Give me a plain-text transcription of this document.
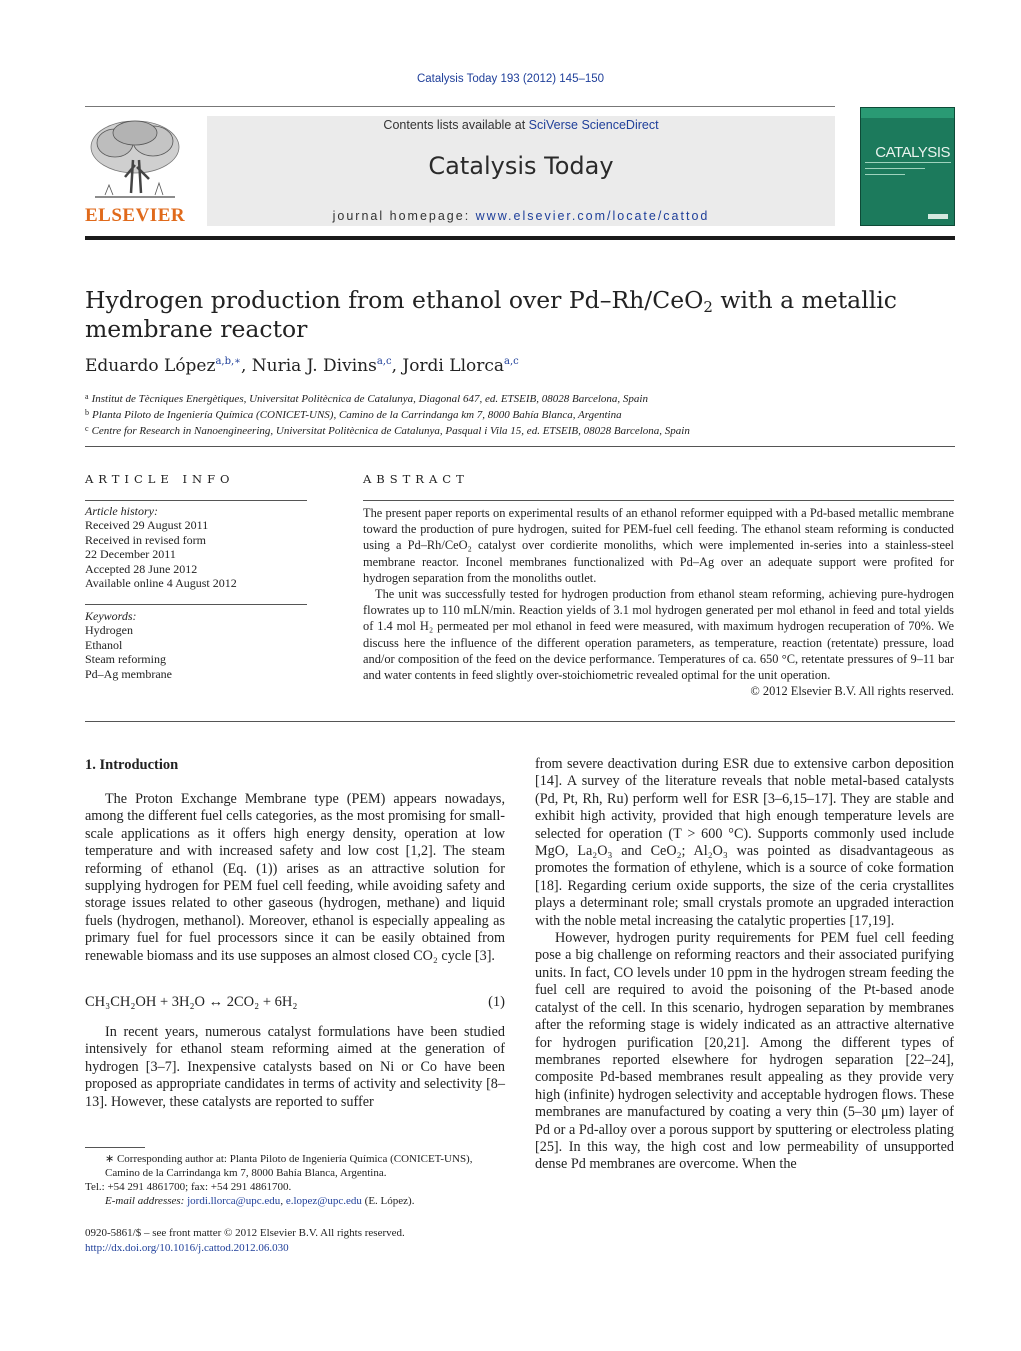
Catalysis Today 193 (2012) 145–150
ELSEVIER
Contents lists available at SciVerse ScienceDirect
Catalysis Today
journal homepage: www.elsevier.com/locate/cattod
CATALYSIS
Hydrogen production from ethanol over Pd–Rh/CeO$_2$ with a metallic membrane reactor
Eduardo López$^{a,b,∗}$, Nuria J. Divins$^{a,c}$, Jordi Llorca$^{a,c}$
$^a$ Institut de Tècniques Energètiques, Universitat Politècnica de Catalunya, Diagonal 647, ed. ETSEIB, 08028 Barcelona, Spain
$^b$ Planta Piloto de Ingeniería Química (CONICET-UNS), Camino de la Carrindanga km 7, 8000 Bahía Blanca, Argentina
$^c$ Centre for Research in Nanoengineering, Universitat Politècnica de Catalunya, Pasqual i Vila 15, ed. ETSEIB, 08028 Barcelona, Spain
ARTICLE INFO
Article history:
Received 29 August 2011
Received in revised form
22 December 2011
Accepted 28 June 2012
Available online 4 August 2012
Keywords:
Hydrogen
Ethanol
Steam reforming
Pd–Ag membrane
ABSTRACT

The present paper reports on experimental results of an ethanol reformer equipped with a Pd-based metallic membrane toward the production of pure hydrogen, suited for PEM-fuel cell feeding. The ethanol steam reforming is conducted using a Pd–Rh/CeO₂ catalyst over cordierite monoliths, which were implemented in-series into a stainless-steel membrane reactor. Inconel membranes functionalized with Pd–Ag over an adequate support were profited for hydrogen separation from the monoliths outlet.

The unit was successfully tested for hydrogen production from ethanol steam reforming, achieving pure-hydrogen flowrates up to 110 mLN/min. Reaction yields of 3.1 mol hydrogen generated per mol ethanol in feed and total yields of 1.4 mol H₂ permeated per mol ethanol in feed were measured, with maximum hydrogen recuperation of 70%. We discuss here the influence of the different operation parameters, as temperature, reaction (retentate) pressure, load and/or composition of the feed on the device performance. Temperatures of ca. 650 °C, retentate pressures of 9–11 bar and water contents in feed slightly over-stoichiometric revealed optimal for the unit operation.

© 2012 Elsevier B.V. All rights reserved.
1. Introduction

The Proton Exchange Membrane type (PEM) appears nowadays, among the different fuel cells categories, as the most promising for small-scale applications as it offers high energy density, operation at low temperature and with increased safety and low cost [1,2]. The steam reforming of ethanol (Eq. (1)) arises as an attractive solution for supplying hydrogen for PEM fuel cell feeding, while avoiding safety and storage issues related to other gaseous (hydrogen, methane) and liquid fuels (hydrogen, methanol). Moreover, ethanol is especially appealing as primary fuel for fuel processors since it can be easily obtained from renewable biomass and its use supposes an almost closed CO₂ cycle [3].

CH₃CH₂OH + 3H₂O ↔ 2CO₂ + 6H₂	(1)

In recent years, numerous catalyst formulations have been studied intensively for ethanol steam reforming aimed at the generation of hydrogen [3–7]. Inexpensive catalysts based on Ni or Co have been proposed as appropriate candidates in terms of activity and selectivity [8–13]. However, these catalysts are reported to suffer

∗ Corresponding author at: Planta Piloto de Ingeniería Química (CONICET-UNS), Camino de la Carrindanga km 7, 8000 Bahía Blanca, Argentina.
Tel.: +54 291 4861700; fax: +54 291 4861700.
E-mail addresses: jordi.llorca@upc.edu, e.lopez@upc.edu (E. López).
0920-5861/$ – see front matter © 2012 Elsevier B.V. All rights reserved.
http://dx.doi.org/10.1016/j.cattod.2012.06.030

from severe deactivation during ESR due to extensive carbon deposition [14]. A survey of the literature reveals that noble metal-based catalysts (Pd, Pt, Rh, Ru) perform well for ESR [3–6,15–17]. They are stable and exhibit high activity, provided that high enough temperature levels are selected for operation (T > 600 °C). Supports commonly used include MgO, La₂O₃ and CeO₂; Al₂O₃ was pointed as disadvantageous as promotes the formation of ethylene, which is a source of coke formation [18]. Regarding cerium oxide supports, the size of the ceria crystallites plays a determinant role; small crystals promote an upgraded interaction with the noble metal increasing the catalytic properties [17,19].

However, hydrogen purity requirements for PEM fuel cell feeding pose a big challenge on reforming reactors and their associated purifying units. In fact, CO levels under 10 ppm in the hydrogen stream feeding the fuel cell are required to avoid the poisoning of the Pt-based anode catalyst of the cell. In this scenario, hydrogen separation by membranes after the reforming stage is widely indicated as an attractive alternative for hydrogen purification [20,21]. Among the different types of membranes reported elsewhere for hydrogen separation [22–24], composite Pd-based membranes result appealing as they provide very high (infinite) hydrogen selectivity and acceptable hydrogen flows. These membranes are manufactured by coating a very thin (5–30 μm) layer of Pd or a Pd-alloy over a porous support by sputtering or electroless plating [25]. In this way, the high cost and low permeability of unsupported dense Pd membranes are overcome. When the
